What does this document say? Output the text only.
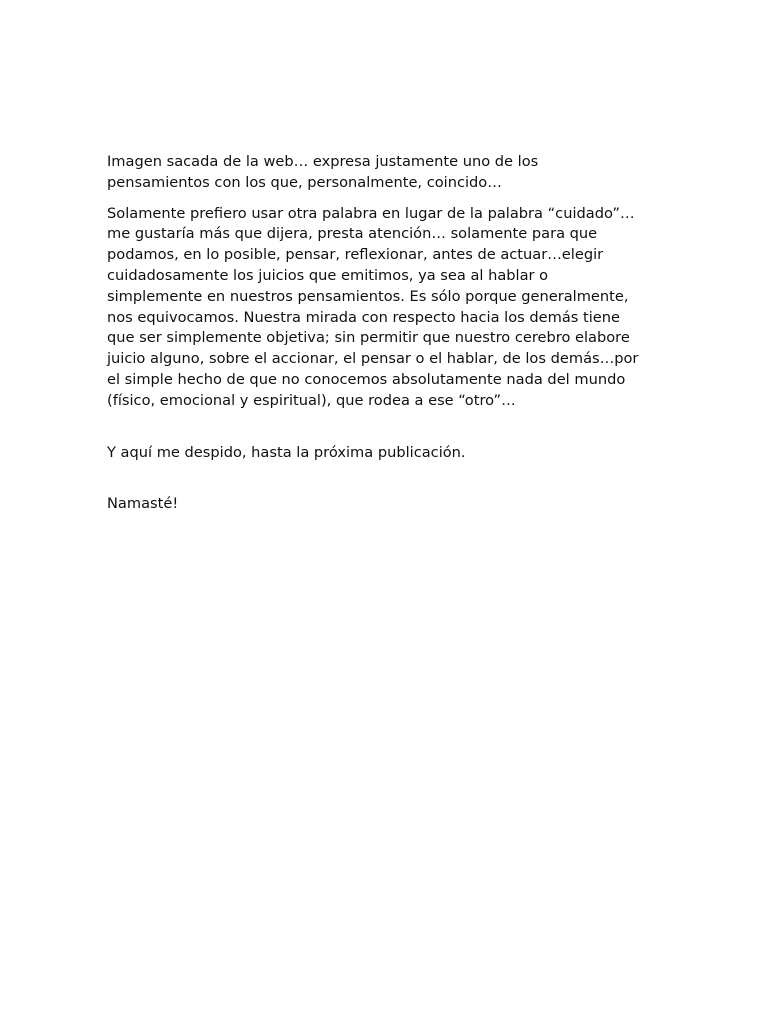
Imagen sacada de la web… expresa justamente uno de los
pensamientos con los que, personalmente, coincido…

Solamente prefiero usar otra palabra en lugar de la palabra “cuidado”…
me gustaría más que dijera, presta atención… solamente para que
podamos, en lo posible, pensar, reflexionar, antes de actuar…elegir
cuidadosamente los juicios que emitimos, ya sea al hablar o
simplemente en nuestros pensamientos. Es sólo porque generalmente,
nos equivocamos. Nuestra mirada con respecto hacia los demás tiene
que ser simplemente objetiva; sin permitir que nuestro cerebro elabore
juicio alguno, sobre el accionar, el pensar o el hablar, de los demás…por
el simple hecho de que no conocemos absolutamente nada del mundo
(físico, emocional y espiritual), que rodea a ese “otro”…

Y aquí me despido, hasta la próxima publicación.

Namasté!
